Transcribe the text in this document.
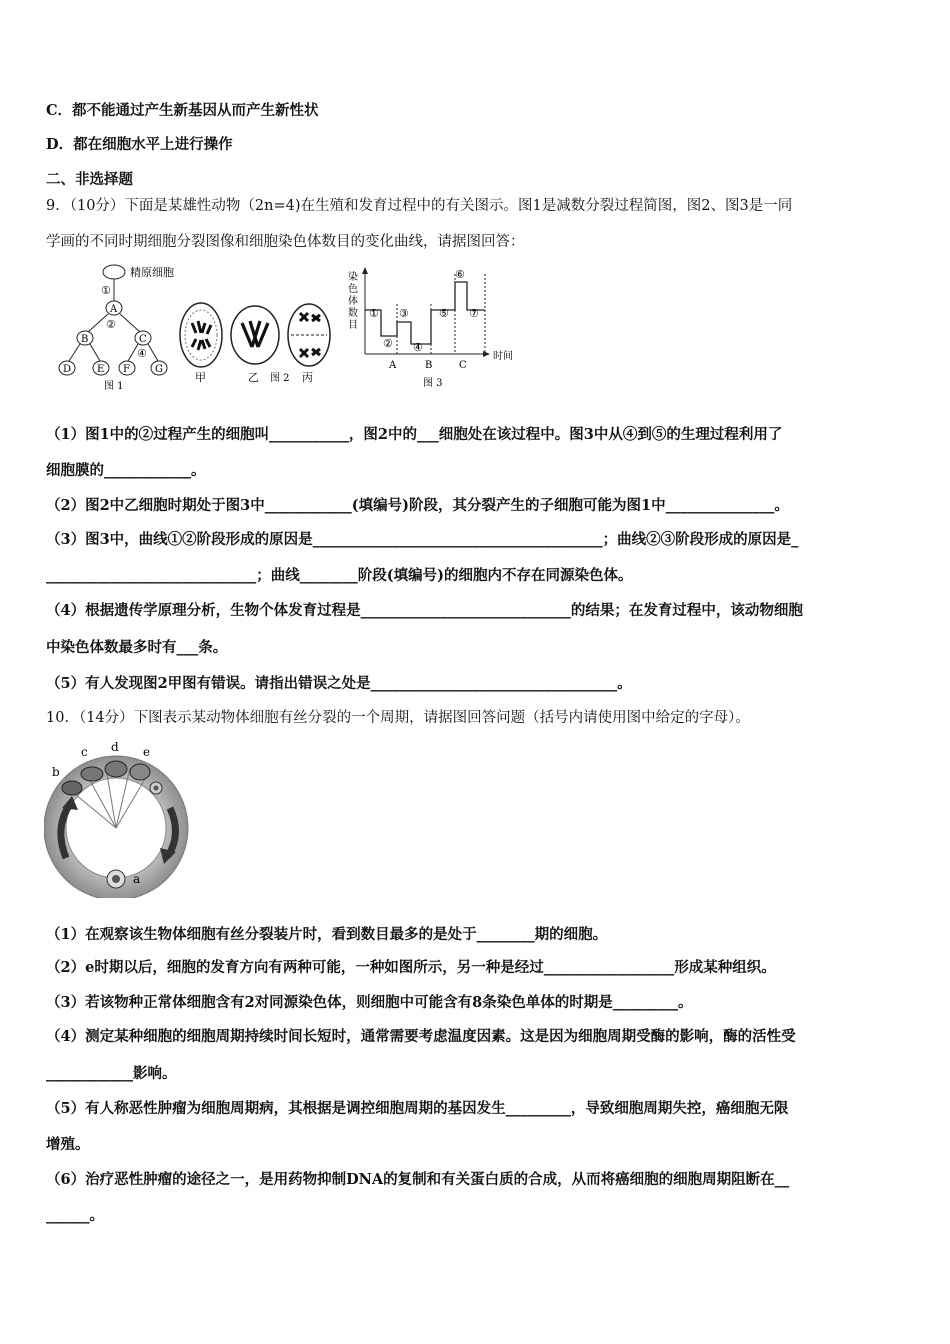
C．都不能通过产生新基因从而产生新性状
D．都在细胞水平上进行操作
二、非选择题
9．（10分）下面是某雄性动物（2n=4)在生殖和发育过程中的有关图示。图1是减数分裂过程简图，图2、图3是一同
学画的不同时期细胞分裂图像和细胞染色体数目的变化曲线，请据图回答：
精原细胞
①
A
②
B	C
④
D	E F	G
图 1
甲	乙	丙
图 2
染
色
体
数
目
时间
①
②
③
④
⑤
⑥
⑦
A	B	C
图 3
（1）图1中的②过程产生的细胞叫___________，图2中的___细胞处在该过程中。图3中从④到⑤的生理过程利用了
细胞膜的____________。
（2）图2中乙细胞时期处于图3中____________(填编号)阶段，其分裂产生的子细胞可能为图1中_______________。
（3）图3中，曲线①②阶段形成的原因是________________________________________；曲线②③阶段形成的原因是_
_____________________________；曲线________阶段(填编号)的细胞内不存在同源染色体。
（4）根据遗传学原理分析，生物个体发育过程是_____________________________的结果；在发育过程中，该动物细胞
中染色体数最多时有___条。
（5）有人发现图2甲图有错误。请指出错误之处是__________________________________。
10．（14分）下图表示某动物体细胞有丝分裂的一个周期，请据图回答问题（括号内请使用图中给定的字母）。
a
b
c d e
（1）在观察该生物体细胞有丝分裂装片时，看到数目最多的是处于________期的细胞。
（2）e时期以后，细胞的发育方向有两种可能，一种如图所示，另一种是经过__________________形成某种组织。
（3）若该物种正常体细胞含有2对同源染色体，则细胞中可能含有8条染色单体的时期是_________。
（4）测定某种细胞的细胞周期持续时间长短时，通常需要考虑温度因素。这是因为细胞周期受酶的影响，酶的活性受
____________影响。
（5）有人称恶性肿瘤为细胞周期病，其根据是调控细胞周期的基因发生_________，导致细胞周期失控，癌细胞无限
增殖。
（6）治疗恶性肿瘤的途径之一，是用药物抑制DNA的复制和有关蛋白质的合成，从而将癌细胞的细胞周期阻断在__
______。
